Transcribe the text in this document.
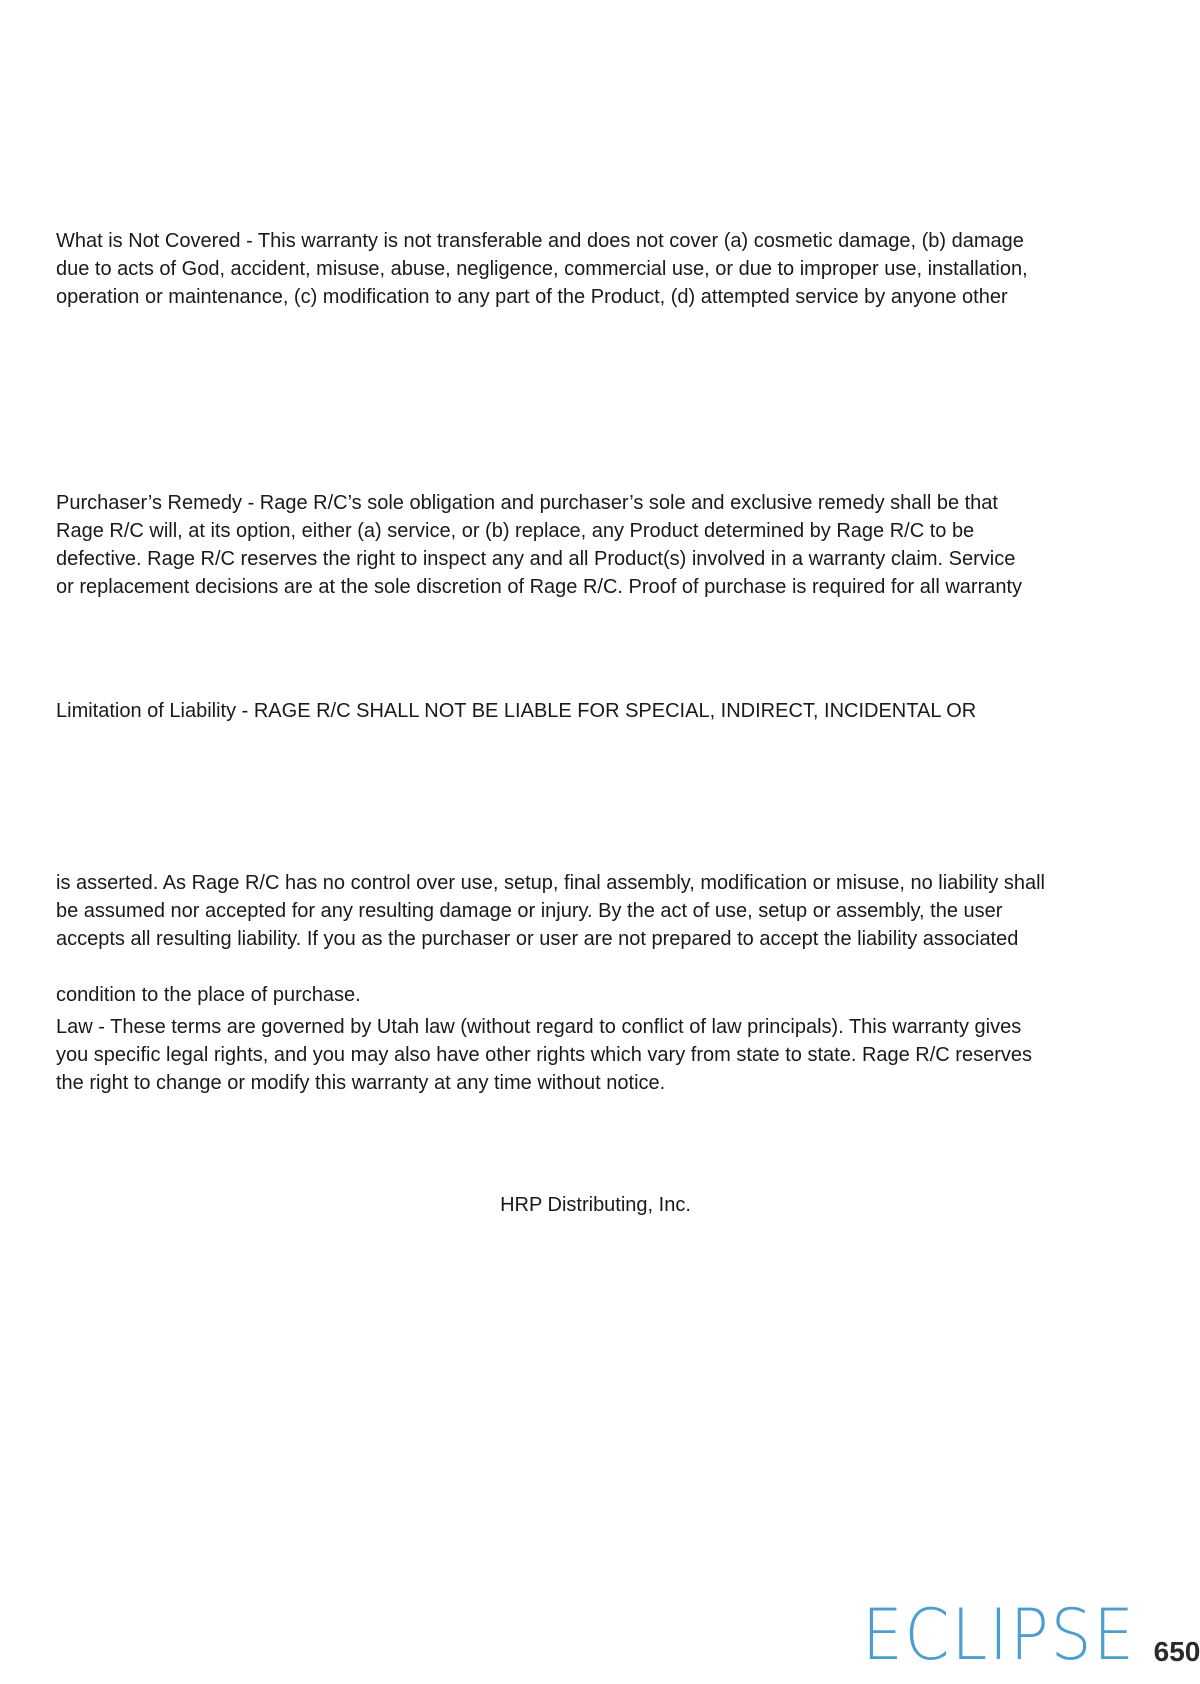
What is Not Covered - This warranty is not transferable and does not cover (a) cosmetic damage, (b) damage
due to acts of God, accident, misuse, abuse, negligence, commercial use, or due to improper use, installation,
operation or maintenance, (c) modification to any part of the Product, (d) attempted service by anyone other
Purchaser’s Remedy - Rage R/C’s sole obligation and purchaser’s sole and exclusive remedy shall be that
Rage R/C will, at its option, either (a) service, or (b) replace, any Product determined by Rage R/C to be
defective. Rage R/C reserves the right to inspect any and all Product(s) involved in a warranty claim. Service
or replacement decisions are at the sole discretion of Rage R/C. Proof of purchase is required for all warranty
Limitation of Liability - RAGE R/C SHALL NOT BE LIABLE FOR SPECIAL, INDIRECT, INCIDENTAL OR
is asserted. As Rage R/C has no control over use, setup, final assembly, modification or misuse, no liability shall
be assumed nor accepted for any resulting damage or injury. By the act of use, setup or assembly, the user
accepts all resulting liability. If you as the purchaser or user are not prepared to accept the liability associated
condition to the place of purchase.
Law - These terms are governed by Utah law (without regard to conflict of law principals). This warranty gives
you specific legal rights, and you may also have other rights which vary from state to state. Rage R/C reserves
the right to change or modify this warranty at any time without notice.
HRP Distributing, Inc.
ECLIPSE 650
